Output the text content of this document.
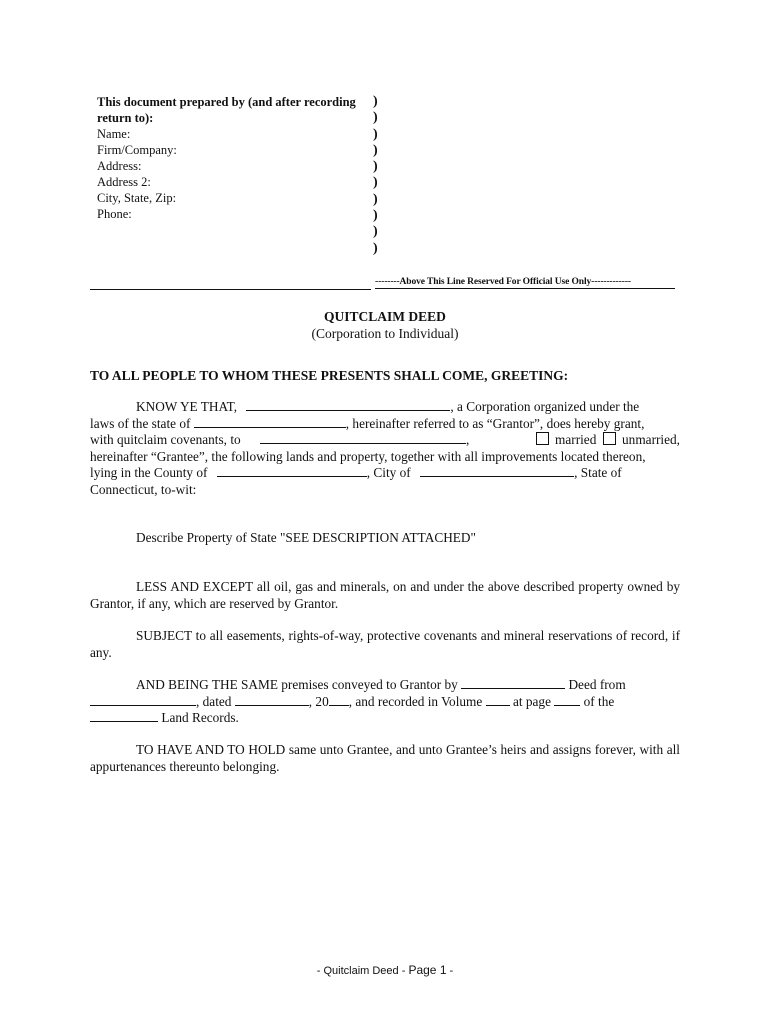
This document prepared by (and after recording
return to):
Name:
Firm/Company:
Address:
Address 2:
City, State, Zip:
Phone:
)
)
)
)
)
)
)
)
)
)
--------Above This Line Reserved For Official Use Only-------------
QUITCLAIM DEED
(Corporation to Individual)
TO ALL PEOPLE TO WHOM THESE PRESENTS SHALL COME, GREETING:
KNOW YE THAT,	, a Corporation organized under the
laws of the state of	, hereinafter referred to as “Grantor”, does hereby grant,
with quitclaim covenants, to	,	married unmarried,
hereinafter “Grantee”, the following lands and property, together with all improvements located thereon,
lying in the County of	, City of	, State of
Connecticut, to-wit:
Describe Property of State "SEE DESCRIPTION ATTACHED"
LESS AND EXCEPT all oil, gas and minerals, on and under the above described property owned by Grantor, if any, which are reserved by Grantor.
SUBJECT to all easements, rights-of-way, protective covenants and mineral reservations of record, if any.
AND BEING THE SAME premises conveyed to Grantor by	Deed from
, dated	, 20 , and recorded in Volume at page of the
Land Records.
TO HAVE AND TO HOLD same unto Grantee, and unto Grantee’s heirs and assigns forever, with all appurtenances thereunto belonging.
- Quitclaim Deed - Page 1 -
